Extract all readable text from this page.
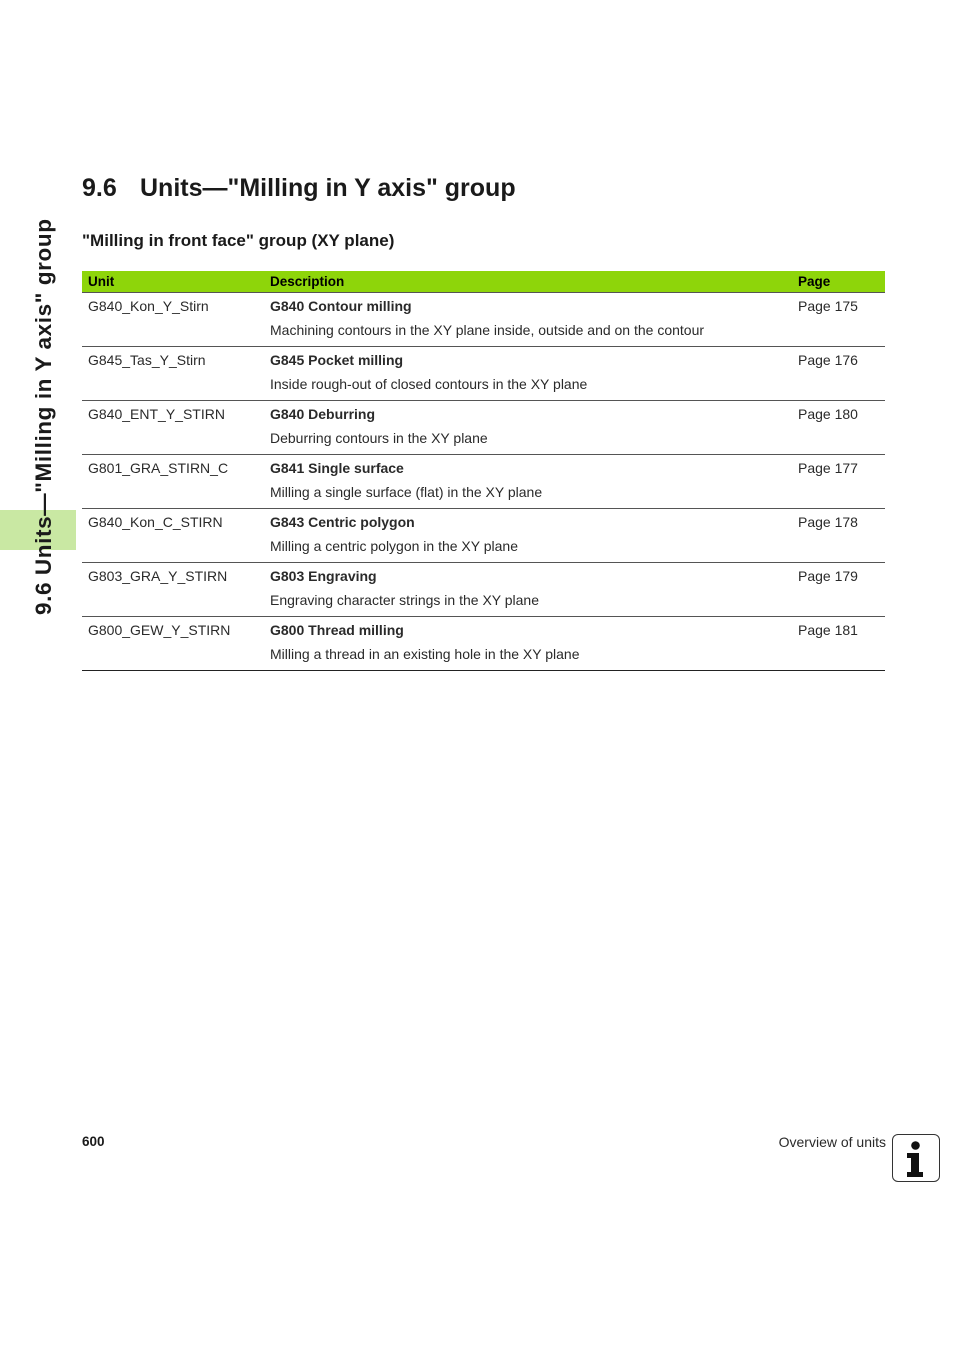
9.6 Units—"Milling in Y axis" group
9.6 Units—"Milling in Y axis" group
"Milling in front face" group (XY plane)
Unit	Description	Page
G840_Kon_Y_Stirn	G840 Contour milling	Page 175
	Machining contours in the XY plane inside, outside and on the contour	
G845_Tas_Y_Stirn	G845 Pocket milling	Page 176
	Inside rough-out of closed contours in the XY plane	
G840_ENT_Y_STIRN	G840 Deburring	Page 180
	Deburring contours in the XY plane	
G801_GRA_STIRN_C	G841 Single surface	Page 177
	Milling a single surface (flat) in the XY plane	
G840_Kon_C_STIRN	G843 Centric polygon	Page 178
	Milling a centric polygon in the XY plane	
G803_GRA_Y_STIRN	G803 Engraving	Page 179
	Engraving character strings in the XY plane	
G800_GEW_Y_STIRN	G800 Thread milling	Page 181
	Milling a thread in an existing hole in the XY plane	
600	Overview of units
